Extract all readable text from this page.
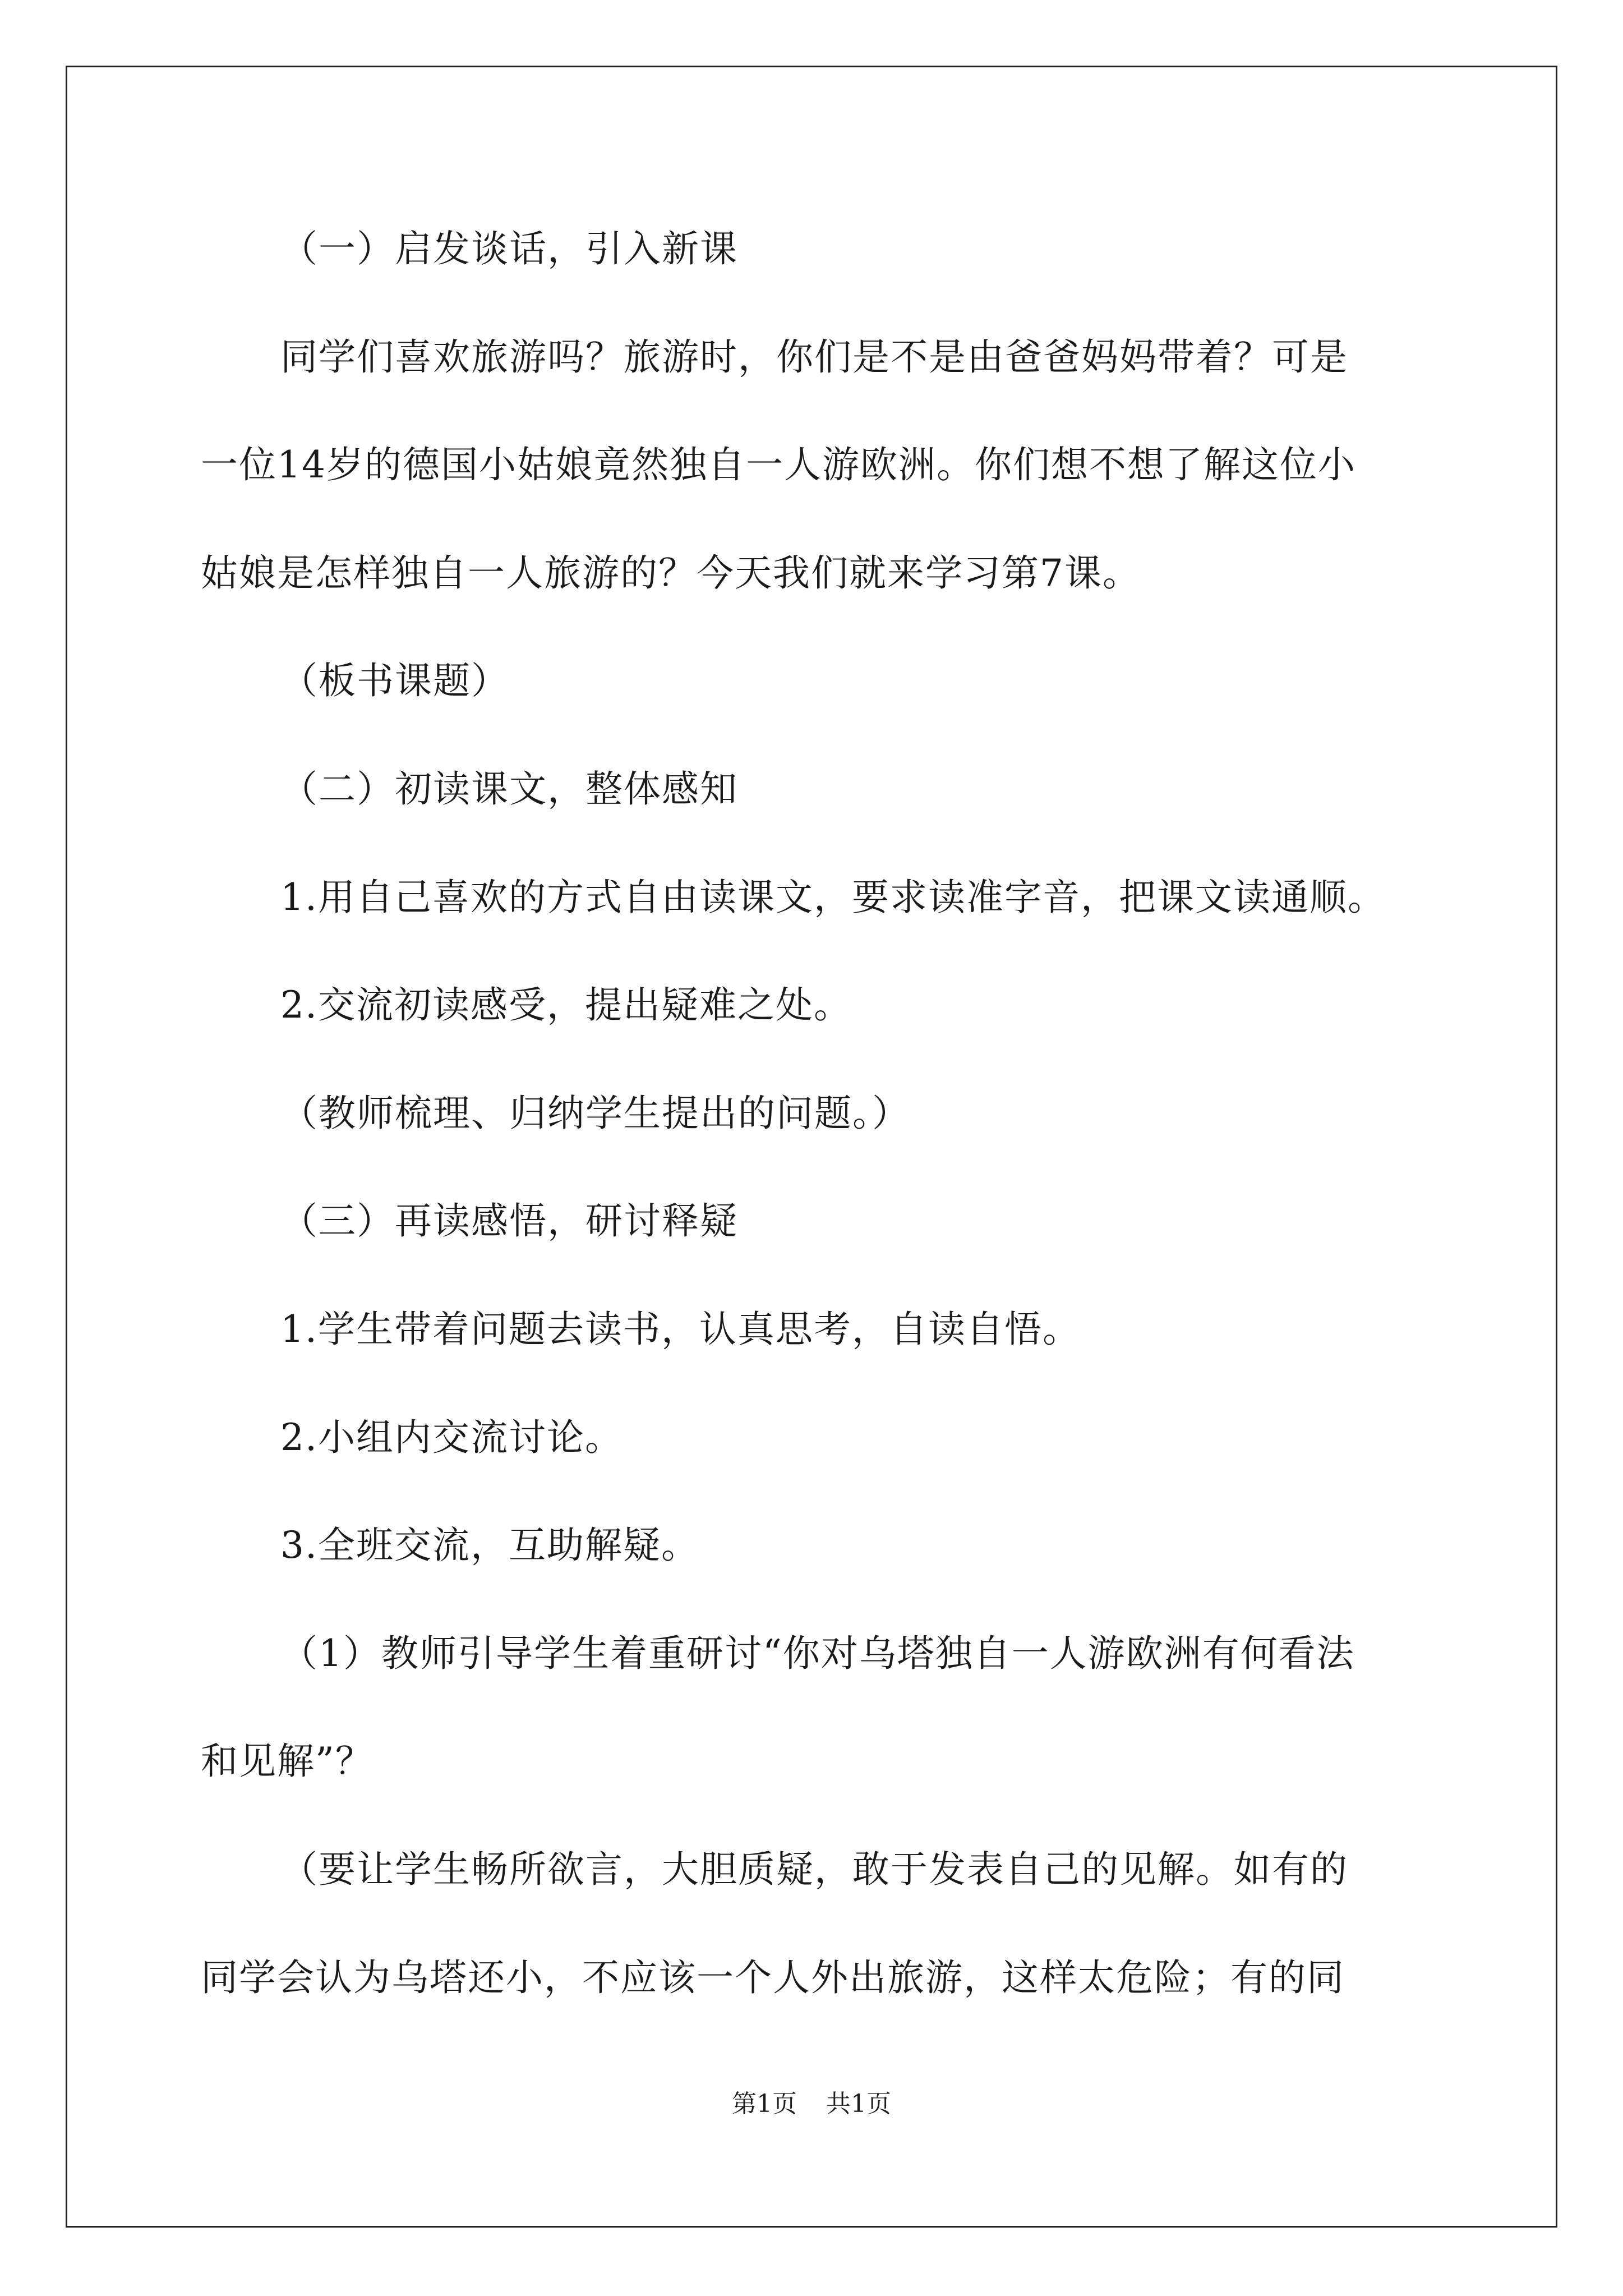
（一）启发谈话，引入新课
同学们喜欢旅游吗？旅游时，你们是不是由爸爸妈妈带着？可是
一位14岁的德国小姑娘竟然独自一人游欧洲。你们想不想了解这位小
姑娘是怎样独自一人旅游的？今天我们就来学习第7课。
（板书课题）
（二）初读课文，整体感知
1.用自己喜欢的方式自由读课文，要求读准字音，把课文读通顺。
2.交流初读感受，提出疑难之处。
（教师梳理、归纳学生提出的问题。）
（三）再读感悟，研讨释疑
1.学生带着问题去读书，认真思考，自读自悟。
2.小组内交流讨论。
3.全班交流，互助解疑。
（1）教师引导学生着重研讨“你对乌塔独自一人游欧洲有何看法
和见解”？
（要让学生畅所欲言，大胆质疑，敢于发表自己的见解。如有的
同学会认为乌塔还小，不应该一个人外出旅游，这样太危险；有的同
第1页 共1页
